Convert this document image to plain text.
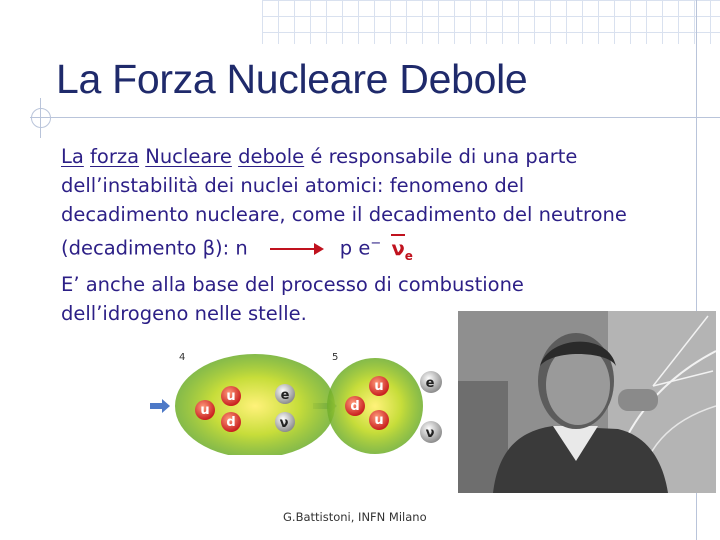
La Forza Nucleare Debole
La forza Nucleare debole é responsabile di una parte
dell’instabilità dei nuclei atomici: fenomeno del
decadimento nucleare, come il decadimento del neutrone
(decadimento β): n	p e− $\nu_e$
E’ anche alla base del processo di combustione
dell’idrogeno nelle stelle.
4	5
u
u
d
e
ν
d
u
u
e
ν
G.Battistoni, INFN Milano
